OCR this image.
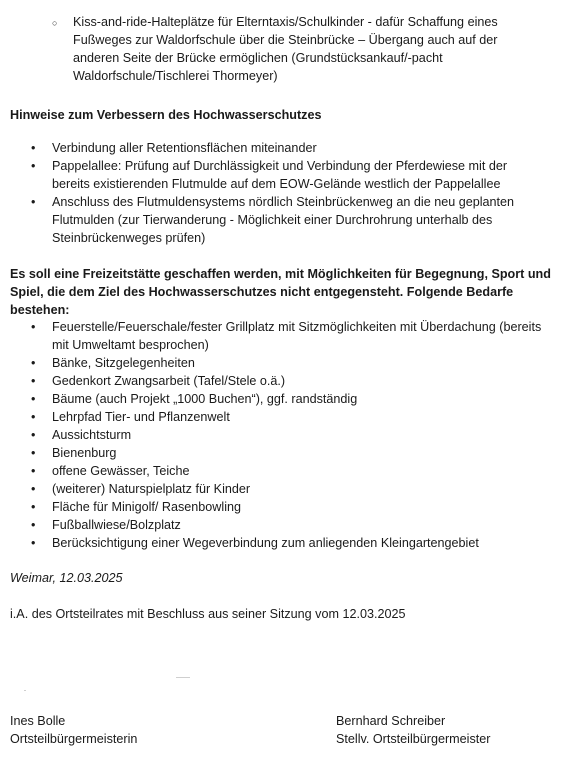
○ Kiss-and-ride-Halteplätze für Elterntaxis/Schulkinder - dafür Schaffung eines Fußweges zur Waldorfschule über die Steinbrücke – Übergang auch auf der anderen Seite der Brücke ermöglichen (Grundstücksankauf/-pacht Waldorfschule/Tischlerei Thormeyer)

Hinweise zum Verbessern des Hochwasserschutzes

• Verbindung aller Retentionsflächen miteinander
• Pappelallee: Prüfung auf Durchlässigkeit und Verbindung der Pferdewiese mit der bereits existierenden Flutmulde auf dem EOW-Gelände westlich der Pappelallee
• Anschluss des Flutmuldensystems nördlich Steinbrückenweg an die neu geplanten Flutmulden (zur Tierwanderung - Möglichkeit einer Durchrohrung unterhalb des Steinbrückenweges prüfen)

Es soll eine Freizeitstätte geschaffen werden, mit Möglichkeiten für Begegnung, Sport und Spiel, die dem Ziel des Hochwasserschutzes nicht entgegensteht. Folgende Bedarfe bestehen:

• Feuerstelle/Feuerschale/fester Grillplatz mit Sitzmöglichkeiten mit Überdachung (bereits mit Umweltamt besprochen)
• Bänke, Sitzgelegenheiten
• Gedenkort Zwangsarbeit (Tafel/Stele o.ä.)
• Bäume (auch Projekt „1000 Buchen“), ggf. randständig
• Lehrpfad Tier- und Pflanzenwelt
• Aussichtsturm
• Bienenburg
• offene Gewässer, Teiche
• (weiterer) Naturspielplatz für Kinder
• Fläche für Minigolf/ Rasenbowling
• Fußballwiese/Bolzplatz
• Berücksichtigung einer Wegeverbindung zum anliegenden Kleingartengebiet

Weimar, 12.03.2025

i.A. des Ortsteilrates mit Beschluss aus seiner Sitzung vom 12.03.2025

Ines Bolle
Ortsteilbürgermeisterin
Bernhard Schreiber
Stellv. Ortsteilbürgermeister
